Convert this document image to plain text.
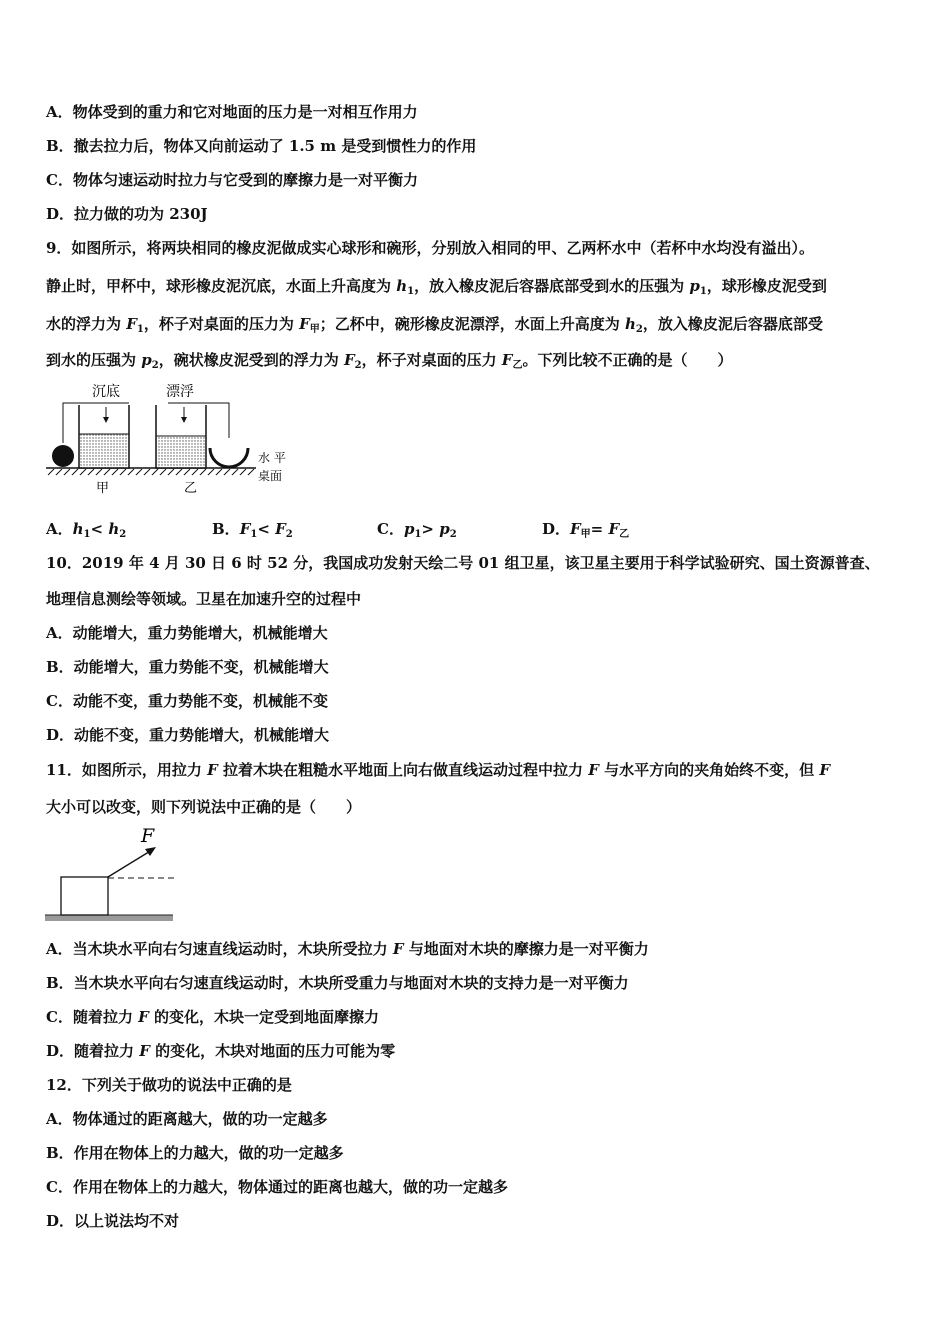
A．物体受到的重力和它对地面的压力是一对相互作用力
B．撤去拉力后，物体又向前运动了 1.5 m 是受到惯性力的作用
C．物体匀速运动时拉力与它受到的摩擦力是一对平衡力
D．拉力做的功为 230J
9．如图所示，将两块相同的橡皮泥做成实心球形和碗形，分别放入相同的甲、乙两杯水中（若杯中水均没有溢出）。
静止时，甲杯中，球形橡皮泥沉底，水面上升高度为 $h_1$，放入橡皮泥后容器底部受到水的压强为 $p_1$，球形橡皮泥受到
水的浮力为 $F_1$，杯子对桌面的压力为 $F_甲$；乙杯中，碗形橡皮泥漂浮，水面上升高度为 $h_2$，放入橡皮泥后容器底部受
到水的压强为 $p_2$，碗状橡皮泥受到的浮力为 $F_2$，杯子对桌面的压力 $F_乙$。下列比较不正确的是（　　）
沉底	漂浮
甲	乙
水 平
桌面
A．$h_1< h_2$	B．$F_1< F_2$	C．$p_1> p_2$	D．$F_甲= F_乙$
10．2019 年 4 月 30 日 6 时 52 分，我国成功发射天绘二号 01 组卫星，该卫星主要用于科学试验研究、国土资源普查、
地理信息测绘等领域。卫星在加速升空的过程中
A．动能增大，重力势能增大，机械能增大
B．动能增大，重力势能不变，机械能增大
C．动能不变，重力势能不变，机械能不变
D．动能不变，重力势能增大，机械能增大
11．如图所示，用拉力 F 拉着木块在粗糙水平地面上向右做直线运动过程中拉力 F 与水平方向的夹角始终不变，但 F
大小可以改变，则下列说法中正确的是（　　）
F
A．当木块水平向右匀速直线运动时，木块所受拉力 F 与地面对木块的摩擦力是一对平衡力
B．当木块水平向右匀速直线运动时，木块所受重力与地面对木块的支持力是一对平衡力
C．随着拉力 F 的变化，木块一定受到地面摩擦力
D．随着拉力 F 的变化，木块对地面的压力可能为零
12．下列关于做功的说法中正确的是
A．物体通过的距离越大，做的功一定越多
B．作用在物体上的力越大，做的功一定越多
C．作用在物体上的力越大，物体通过的距离也越大，做的功一定越多
D．以上说法均不对
